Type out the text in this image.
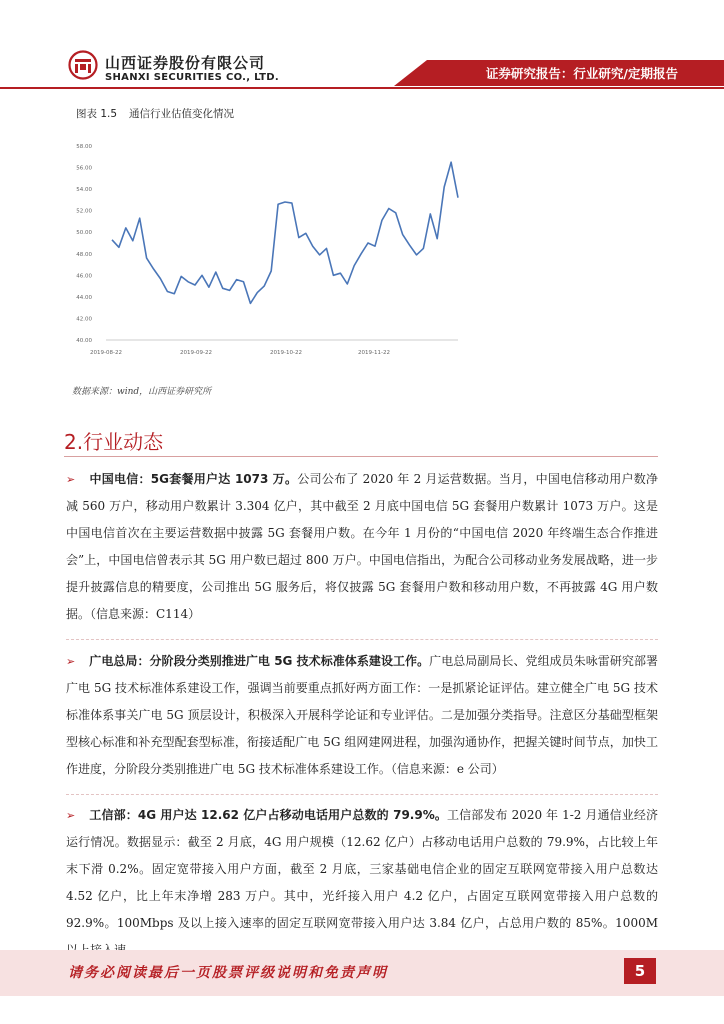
山西证券股份有限公司
SHANXI SECURITIES CO., LTD.	证券研究报告：行业研究/定期报告
图表 1.5 通信行业估值变化情况
58.00
56.00
54.00
52.00
50.00
48.00
46.00
44.00
42.00
40.00
2019-08-22	2019-09-22	2019-10-22	2019-11-22
数据来源：wind，山西证券研究所
2.行业动态
➢ 中国电信：5G套餐用户达 1073 万。公司公布了 2020 年 2 月运营数据。当月，中国电信移动用户数净减 560 万户，移动用户数累计 3.304 亿户，其中截至 2 月底中国电信 5G 套餐用户数累计 1073 万户。这是中国电信首次在主要运营数据中披露 5G 套餐用户数。在今年 1 月份的“中国电信 2020 年终端生态合作推进会”上，中国电信曾表示其 5G 用户数已超过 800 万户。中国电信指出，为配合公司移动业务发展战略，进一步提升披露信息的精要度，公司推出 5G 服务后，将仅披露 5G 套餐用户数和移动用户数，不再披露 4G 用户数据。（信息来源：C114）
➢ 广电总局：分阶段分类别推进广电 5G 技术标准体系建设工作。广电总局副局长、党组成员朱咏雷研究部署广电 5G 技术标准体系建设工作，强调当前要重点抓好两方面工作：一是抓紧论证评估。建立健全广电 5G 技术标准体系事关广电 5G 顶层设计，积极深入开展科学论证和专业评估。二是加强分类指导。注意区分基础型框架型核心标准和补充型配套型标准，衔接适配广电 5G 组网建网进程，加强沟通协作，把握关键时间节点，加快工作进度，分阶段分类别推进广电 5G 技术标准体系建设工作。（信息来源：e 公司）
➢ 工信部：4G 用户达 12.62 亿户占移动电话用户总数的 79.9%。工信部发布 2020 年 1-2 月通信业经济运行情况。数据显示：截至 2 月底，4G 用户规模（12.62 亿户）占移动电话用户总数的 79.9%，占比较上年末下滑 0.2%。固定宽带接入用户方面，截至 2 月底，三家基础电信企业的固定互联网宽带接入用户总数达 4.52 亿户，比上年末净增 283 万户。其中，光纤接入用户 4.2 亿户，占固定互联网宽带接入用户总数的 92.9%。100Mbps 及以上接入速率的固定互联网宽带接入用户达 3.84 亿户，占总用户数的 85%。1000M
请务必阅读最后一页股票评级说明和免责声明	5
